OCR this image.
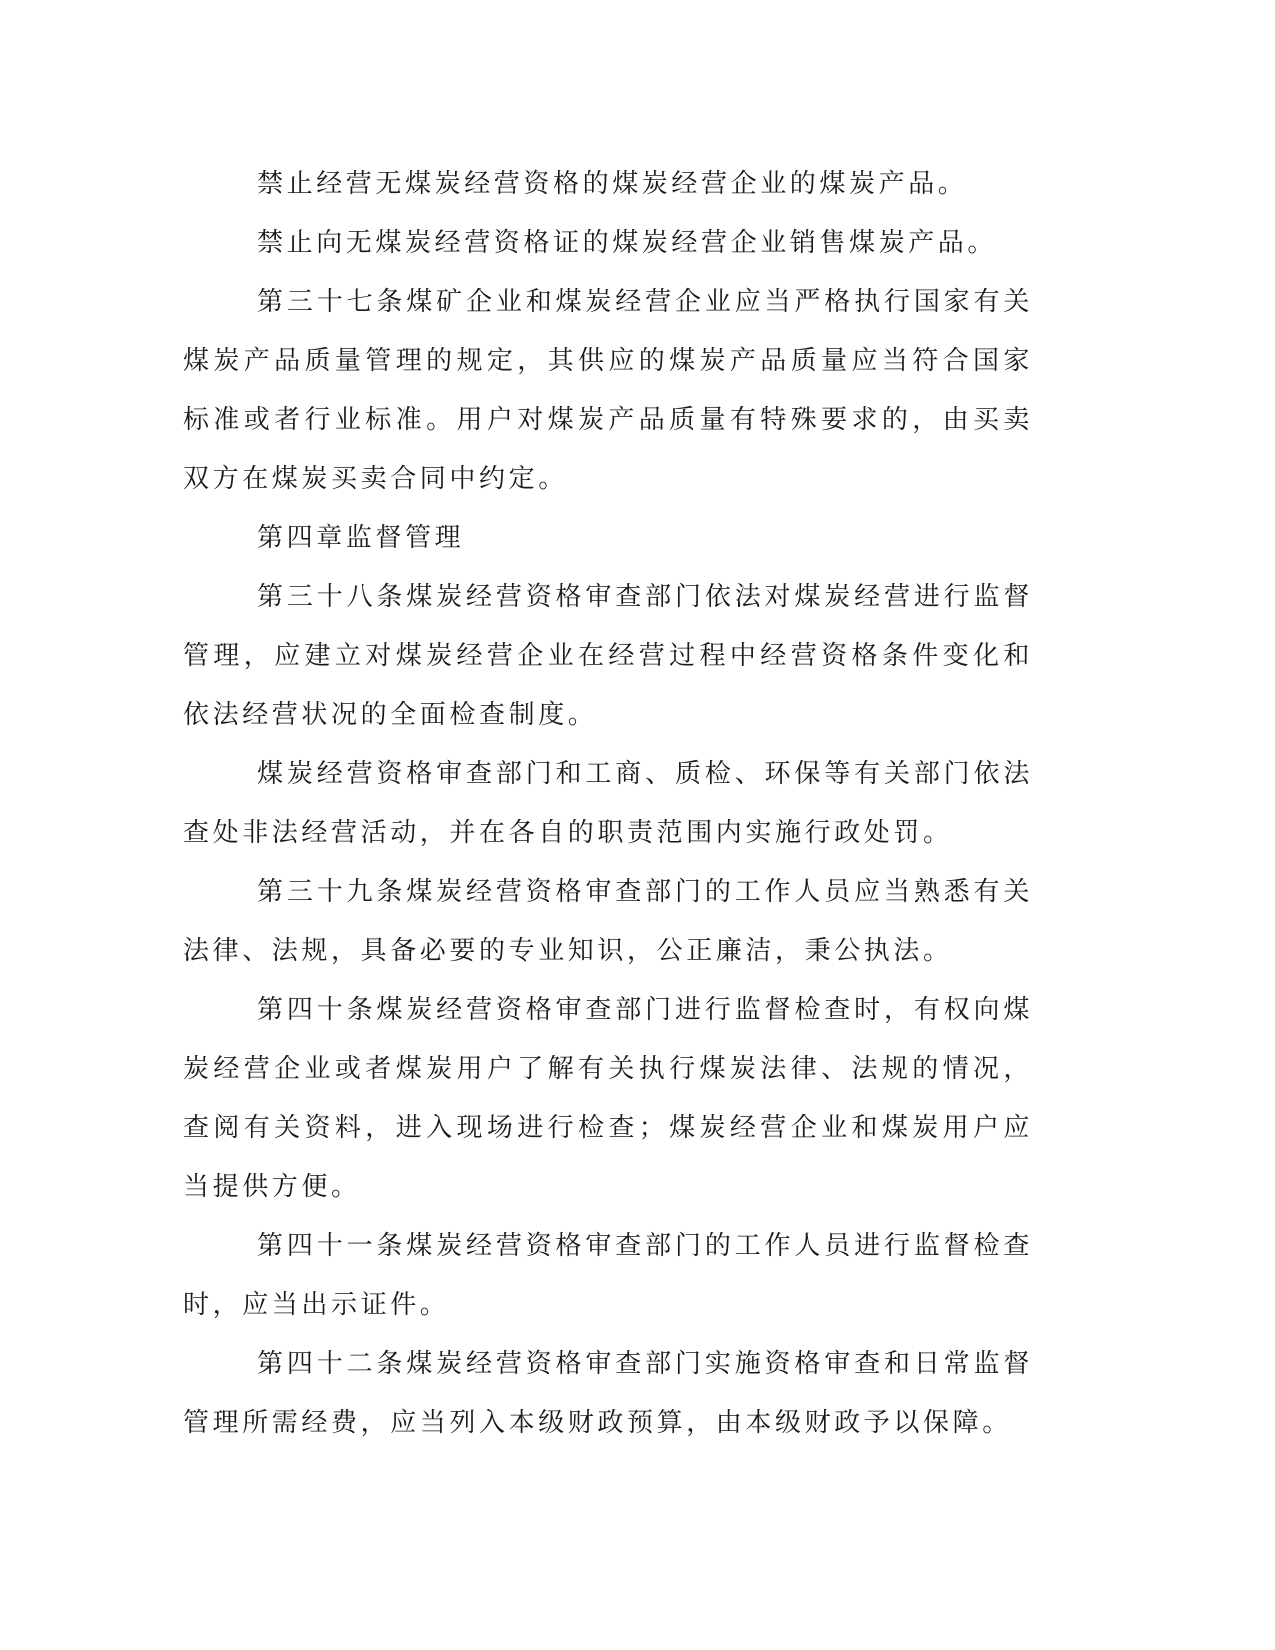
禁止经营无煤炭经营资格的煤炭经营企业的煤炭产品。

禁止向无煤炭经营资格证的煤炭经营企业销售煤炭产品。

第三十七条煤矿企业和煤炭经营企业应当严格执行国家有关煤炭产品质量管理的规定，其供应的煤炭产品质量应当符合国家标准或者行业标准。用户对煤炭产品质量有特殊要求的，由买卖双方在煤炭买卖合同中约定。

第四章监督管理

第三十八条煤炭经营资格审查部门依法对煤炭经营进行监督管理，应建立对煤炭经营企业在经营过程中经营资格条件变化和依法经营状况的全面检查制度。

煤炭经营资格审查部门和工商、质检、环保等有关部门依法查处非法经营活动，并在各自的职责范围内实施行政处罚。

第三十九条煤炭经营资格审查部门的工作人员应当熟悉有关法律、法规，具备必要的专业知识，公正廉洁，秉公执法。

第四十条煤炭经营资格审查部门进行监督检查时，有权向煤炭经营企业或者煤炭用户了解有关执行煤炭法律、法规的情况，查阅有关资料，进入现场进行检查；煤炭经营企业和煤炭用户应当提供方便。

第四十一条煤炭经营资格审查部门的工作人员进行监督检查时，应当出示证件。

第四十二条煤炭经营资格审查部门实施资格审查和日常监督管理所需经费，应当列入本级财政预算，由本级财政予以保障。
